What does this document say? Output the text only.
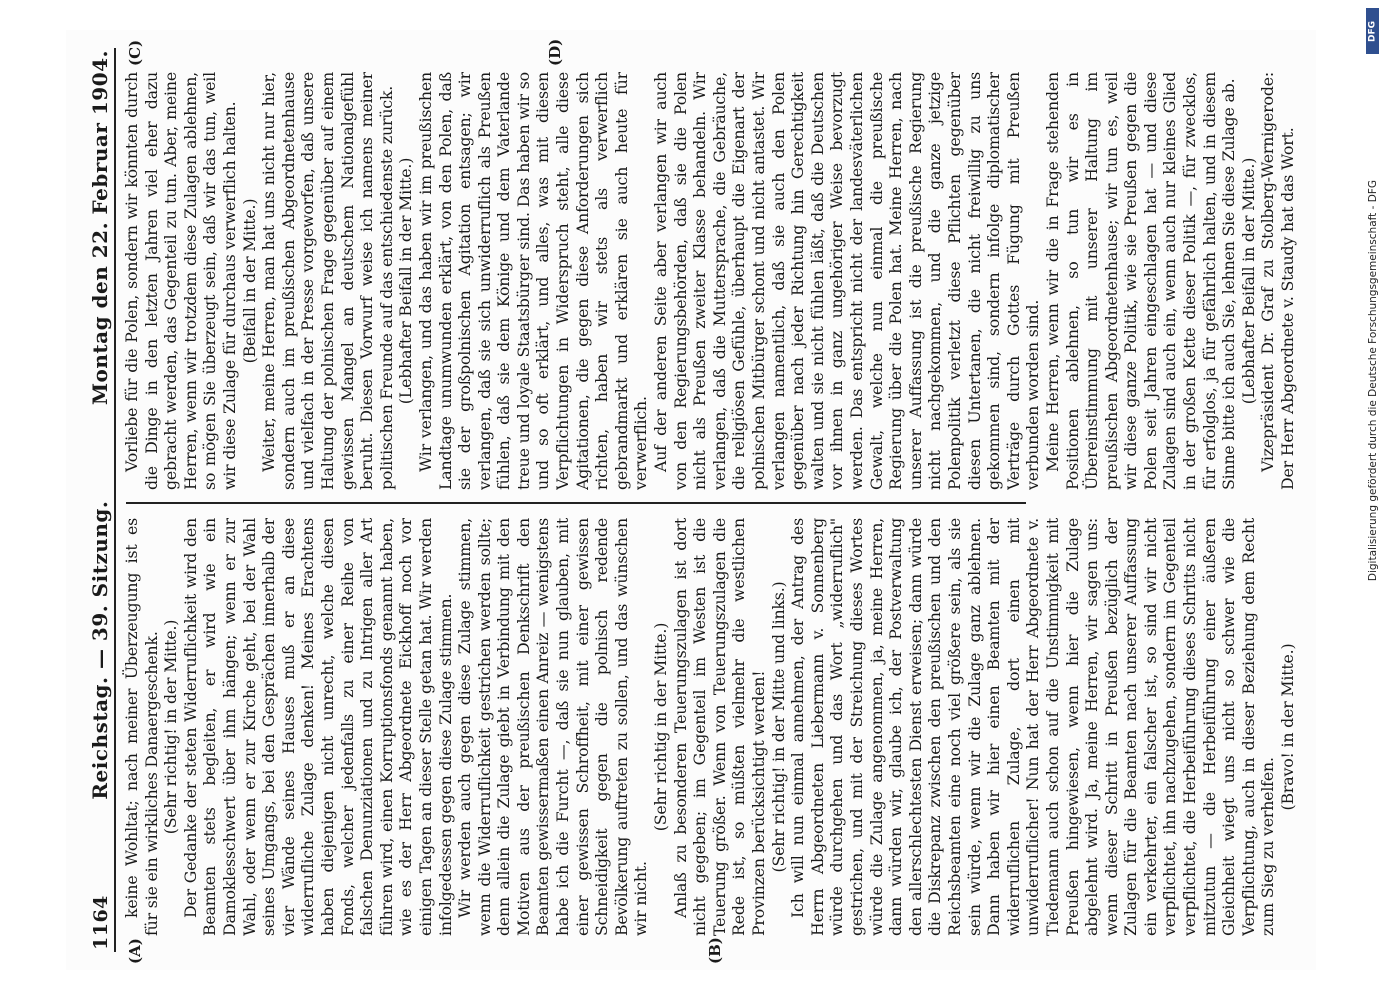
1164
Reichstag. — 39. Sitzung.
Montag den 22. Februar 1904.
(A)	(B)
(C)	(D)

keine Wohltat; nach meiner Überzeugung ist es für sie ein wirkliches Danaergeschenk. (Sehr richtig! in der Mitte.) Der Gedanke der steten Widerruflichkeit wird den Beamten stets begleiten, er wird wie ein Damoklesschwert über ihm hängen; wenn er zur Wahl, oder wenn er zur Kirche geht, bei der Wahl seines Umgangs, bei den Gesprächen innerhalb der vier Wände seines Hauses muß er an diese widerrufliche Zulage denken! Meines Erachtens haben diejenigen nicht unrecht, welche diesen Fonds, welcher jedenfalls zu einer Reihe von falschen Denunziationen und zu Intrigen aller Art führen wird, einen Korruptionsfonds genannt haben, wie es der Herr Abgeordnete Eickhoff noch vor einigen Tagen an dieser Stelle getan hat. Wir werden infolgedessen gegen diese Zulage stimmen. Wir werden auch gegen diese Zulage stimmen, wenn die Widerruflichkeit gestrichen werden sollte; denn allein die Zulage giebt in Verbindung mit den Motiven aus der preußischen Denkschrift den Beamten gewissermaßen einen Anreiz — wenigstens habe ich die Furcht —, daß sie nun glauben, mit einer gewissen Schroffheit, mit einer gewissen Schneidigkeit gegen die polnisch redende Bevölkerung auftreten zu sollen, und das wünschen wir nicht.

(Sehr richtig in der Mitte.) Anlaß zu besonderen Teuerungszulagen ist dort nicht gegeben; im Gegenteil im Westen ist die Teuerung größer. Wenn von Teuerungszulagen die Rede ist, so müßten vielmehr die westlichen Provinzen berücksichtigt werden! (Sehr richtig! in der Mitte und links.) Ich will nun einmal annehmen, der Antrag des Herrn Abgeordneten Liebermann v. Sonnenberg würde durchgehen und das Wort „widerruflich" gestrichen, und mit der Streichung dieses Wortes würde die Zulage angenommen, ja, meine Herren, dann würden wir, glaube ich, der Postverwaltung den allerschlechtesten Dienst erweisen; dann würde die Diskrepanz zwischen den preußischen und den Reichsbeamten eine noch viel größere sein, als sie sein würde, wenn wir die Zulage ganz ablehnen. Dann haben wir hier einen Beamten mit der widerruflichen Zulage, dort einen mit unwiderruflicher! Nun hat der Herr Abgeordnete v. Tiedemann auch schon auf die Unstimmigkeit mit Preußen hingewiesen, wenn hier die Zulage abgelehnt wird. Ja, meine Herren, wir sagen uns: wenn dieser Schritt in Preußen bezüglich der Zulagen für die Beamten nach unserer Auffassung ein verkehrter, ein falscher ist, so sind wir nicht verpflichtet, ihn nachzugehen, sondern im Gegenteil verpflichtet, die Herbeiführung dieses Schritts nicht mitzutun — die Herbeiführung einer äußeren Gleichheit wiegt uns nicht so schwer wie die Verpflichtung, auch in dieser Beziehung dem Recht zum Sieg zu verhelfen.

(Bravo! in der Mitte.)

Vorliebe für die Polen, sondern wir könnten durch die Dinge in den letzten Jahren viel eher dazu gebracht werden, das Gegenteil zu tun. Aber, meine Herren, wenn wir trotzdem diese Zulagen ablehnen, so mögen Sie überzeugt sein, daß wir das tun, weil wir diese Zulage für durchaus verwerflich halten. (Beifall in der Mitte.) Weiter, meine Herren, man hat uns nicht nur hier, sondern auch im preußischen Abgeordnetenhause und vielfach in der Presse vorgeworfen, daß unsere Haltung der polnischen Frage gegenüber auf einem gewissen Mangel an deutschem Nationalgefühl beruht. Diesen Vorwurf weise ich namens meiner politischen Freunde auf das entschiedenste zurück. (Lebhafter Beifall in der Mitte.) Wir verlangen, und das haben wir im preußischen Landtage unumwunden erklärt, von den Polen, daß sie der großpolnischen Agitation entsagen; wir verlangen, daß sie sich unwiderruflich als Preußen fühlen, daß sie dem Könige und dem Vaterlande treue und loyale Staatsbürger sind. Das haben wir so und so oft erklärt, und alles, was mit diesen Verpflichtungen in Widerspruch steht, alle diese Agitationen, die gegen diese Anforderungen sich richten, haben wir stets als verwerflich gebrandmarkt und erklären sie auch heute für verwerflich. Auf der anderen Seite aber verlangen wir auch von den Regierungsbehörden, daß sie die Polen nicht als Preußen zweiter Klasse behandeln. Wir verlangen, daß die Muttersprache, die Gebräuche, die religiösen Gefühle, überhaupt die Eigenart der polnischen Mitbürger schont und nicht antastet. Wir verlangen namentlich, daß sie auch den Polen gegenüber nach jeder Richtung hin Gerechtigkeit walten und sie nicht fühlen läßt, daß die Deutschen vor ihnen in ganz ungehöriger Weise bevorzugt werden. Das entspricht nicht der landesväterlichen Gewalt, welche nun einmal die preußische Regierung über die Polen hat. Meine Herren, nach unserer Auffassung ist die preußische Regierung nicht nachgekommen, und die ganze jetzige Polenpolitik verletzt diese Pflichten gegenüber diesen Untertanen, die nicht freiwillig zu uns gekommen sind, sondern infolge diplomatischer Verträge durch Gottes Fügung mit Preußen verbunden worden sind. Meine Herren, wenn wir die in Frage stehenden Positionen ablehnen, so tun wir es in Übereinstimmung mit unserer Haltung im preußischen Abgeordnetenhause; wir tun es, weil wir diese ganze Politik, wie sie Preußen gegen die Polen seit Jahren eingeschlagen hat — und diese Zulagen sind auch ein, wenn auch nur kleines Glied in der großen Kette dieser Politik —, für zwecklos, für erfolglos, ja für gefährlich halten, und in diesem Sinne bitte ich auch Sie, lehnen Sie diese Zulage ab. (Lebhafter Beifall in der Mitte.) Vizepräsident Dr. Graf zu Stolberg-Wernigerode: Der Herr Abgeordnete v. Staudy hat das Wort.

DFG
Digitalisierung gefördert durch die Deutsche Forschungsgemeinschaft - DFG
